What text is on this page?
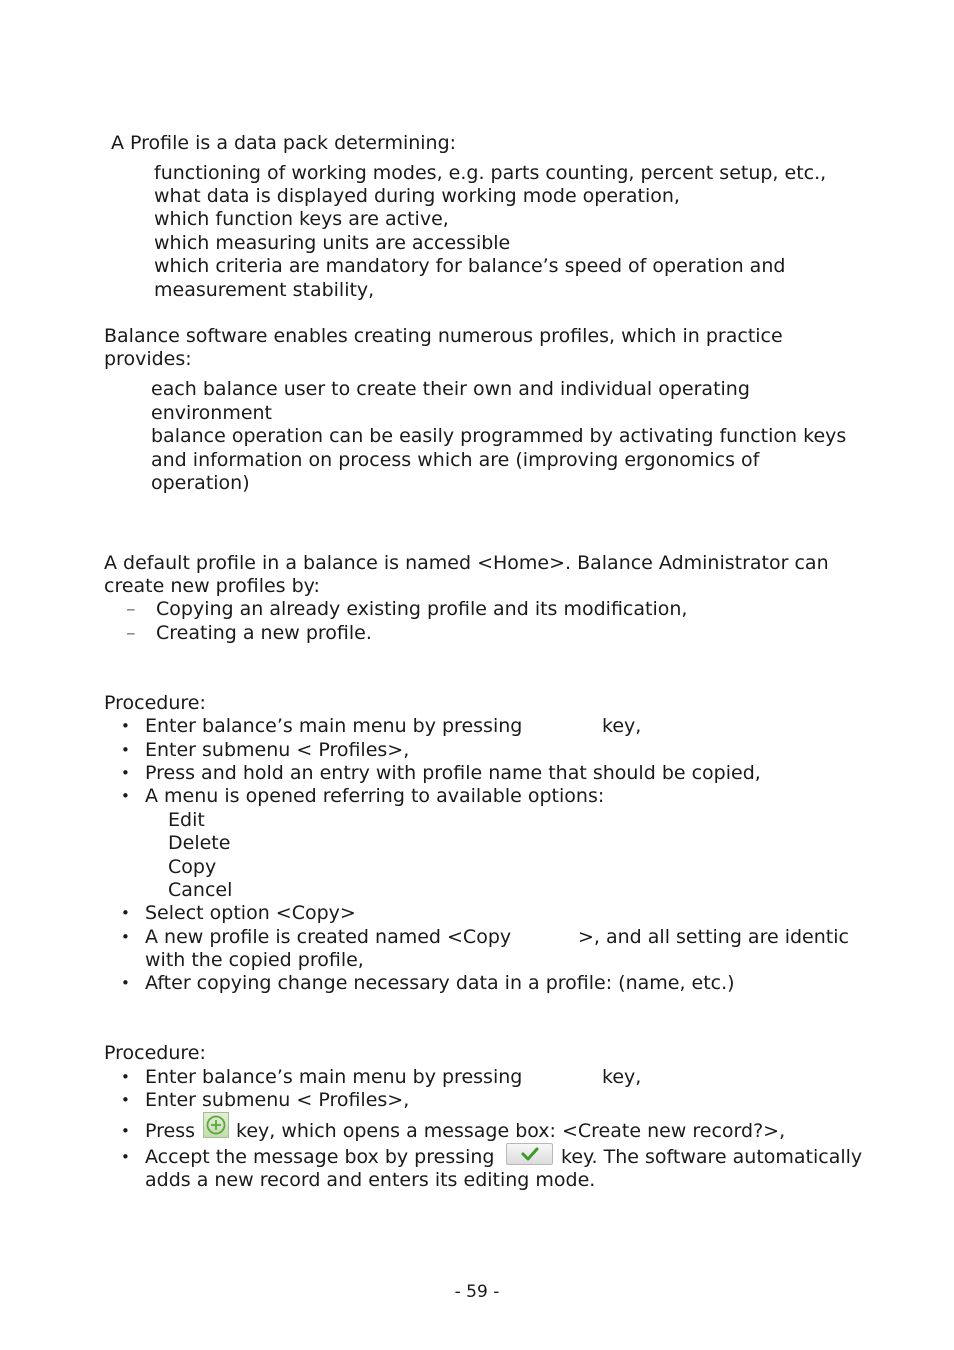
A Profile is a data pack determining:

functioning of working modes, e.g. parts counting, percent setup, etc.,

what data is displayed during working mode operation,

which function keys are active,

which measuring units are accessible

which criteria are mandatory for balance’s speed of operation and

measurement stability,

Balance software enables creating numerous profiles, which in practice

provides:

each balance user to create their own and individual operating

environment

balance operation can be easily programmed by activating function keys

and information on process which are (improving ergonomics of

operation)

A default profile in a balance is named <Home>. Balance Administrator can

create new profiles by:

– Copying an already existing profile and its modification,

– Creating a new profile.

Procedure:

• Enter balance’s main menu by pressing	key,

• Enter submenu < Profiles>,

• Press and hold an entry with profile name that should be copied,

• A menu is opened referring to available options:

Edit

Delete

Copy

Cancel

• Select option <Copy>

• A new profile is created named <Copy	>, and all setting are identic

with the copied profile,

• After copying change necessary data in a profile: (name, etc.)

Procedure:

• Enter balance’s main menu by pressing	key,

• Enter submenu < Profiles>,

• Press key, which opens a message box: <Create new record?>,

• Accept the message box by pressing	key. The software automatically

adds a new record and enters its editing mode.

- 59 -
